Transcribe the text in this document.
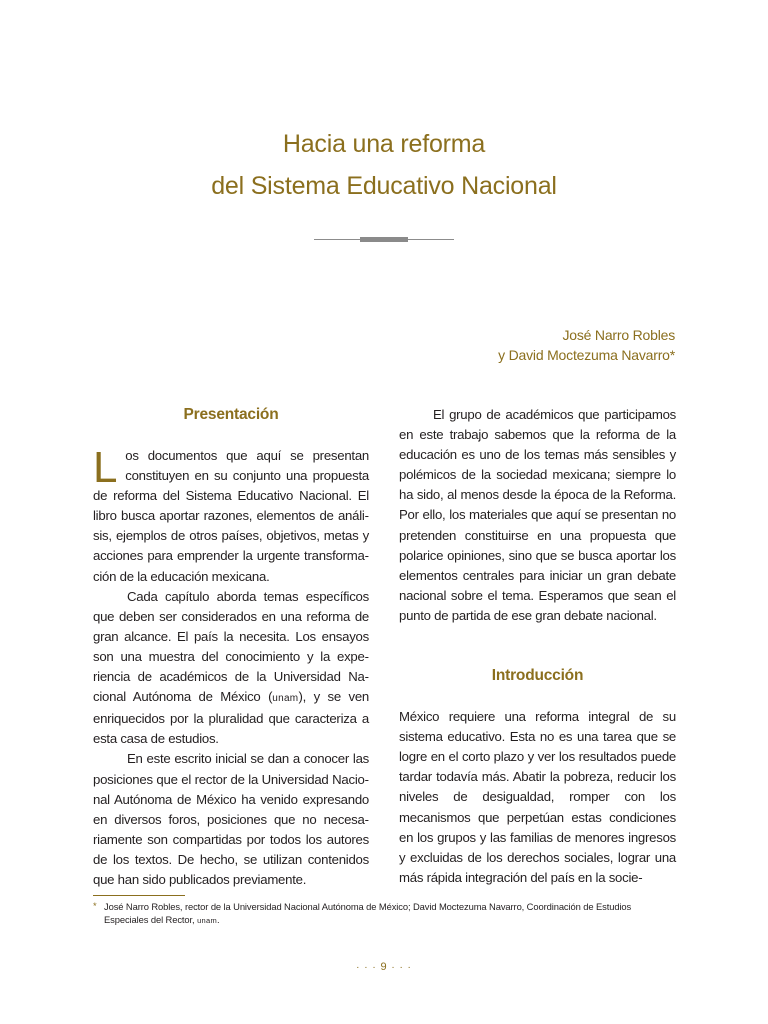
Hacia una reforma
del Sistema Educativo Nacional
José Narro Robles
y David Moctezuma Navarro*
Presentación

Los documentos que aquí se presentan constituyen en su conjunto una propuesta de reforma del Sistema Educativo Nacional. El libro busca aportar razones, elementos de análisis, ejemplos de otros países, objetivos, metas y acciones para emprender la urgente transformación de la educación mexicana.

Cada capítulo aborda temas específicos que deben ser considerados en una reforma de gran alcance. El país la necesita. Los ensayos son una muestra del conocimiento y la experiencia de académicos de la Universidad Nacional Autónoma de México (unam), y se ven enriquecidos por la pluralidad que caracteriza a esta casa de estudios.

En este escrito inicial se dan a conocer las posiciones que el rector de la Universidad Nacional Autónoma de México ha venido expresando en diversos foros, posiciones que no necesariamente son compartidas por todos los autores de los textos. De hecho, se utilizan contenidos que han sido publicados previamente.

El grupo de académicos que participamos en este trabajo sabemos que la reforma de la educación es uno de los temas más sensibles y polémicos de la sociedad mexicana; siempre lo ha sido, al menos desde la época de la Reforma. Por ello, los materiales que aquí se presentan no pretenden constituirse en una propuesta que polarice opiniones, sino que se busca aportar los elementos centrales para iniciar un gran debate nacional sobre el tema. Esperamos que sean el punto de partida de ese gran debate nacional.

Introducción

México requiere una reforma integral de su sistema educativo. Esta no es una tarea que se logre en el corto plazo y ver los resultados puede tardar todavía más. Abatir la pobreza, reducir los niveles de desigualdad, romper con los mecanismos que perpetúan estas condiciones en los grupos y las familias de menores ingresos y excluidas de los derechos sociales, lograr una más rápida integración del país en la socie-

* José Narro Robles, rector de la Universidad Nacional Autónoma de México; David Moctezuma Navarro, Coordinación de Estudios
Especiales del Rector, unam.
· · · 9 · · ·
